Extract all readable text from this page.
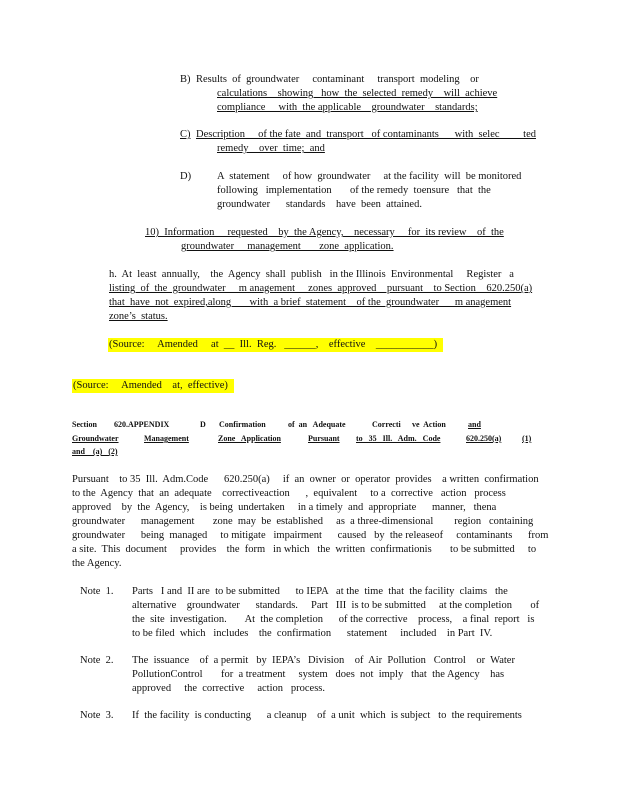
B) Results  of  groundwater     contaminant     transport  modeling    or
calculations    showing   how  the  selected  remedy    will  achieve
compliance     with  the applicable    groundwater    standards;
C) Description     of the fate  and  transport   of contaminants      with  selec         ted
remedy    over  time;  and
D) A  statement     of how  groundwater     at the facility  will  be monitored
following   implementation       of the remedy  toensure   that  the
groundwater      standards    have  been  attained.
10)  Information     requested    by  the Agency,    necessary     for  its review    of  the
groundwater     management       zone  application.
h.  At  least  annually,    the  Agency  shall  publish   in the Illinois  Environmental     Register   a
listing  of  the  groundwater     m anagement     zones  approved    pursuant    to Section    620.250(a)
that  have  not  expired,along       with  a brief  statement    of the  groundwater      m anagement
zone’s  status.
(Source:     Amended     at  __  Ill.  Reg.   ______,    effective    ___________)
(Source:     Amended    at,  effective)
Section 620.APPENDIX	D Confirmation	of  an   Adequate	Correcti ve  Action	and
Groundwater	Management	Zone   Application	Pursuant to   35   Ill.   Adm.   Code	620.250(a)	(1)
and    (a)   (2)
Pursuant    to 35  Ill.  Adm.Code      620.250(a)     if  an  owner  or  operator  provides    a written  confirmation
to the  Agency  that  an  adequate    correctiveaction      ,  equivalent     to a  corrective   action   process
approved    by  the  Agency,    is being  undertaken     in a timely  and  appropriate      manner,   thena
groundwater      management       zone  may  be  established     as  a three-dimensional        region   containing
groundwater      being  managed     to mitigate   impairment      caused   by  the releaseof     contaminants      from
a site.  This  document     provides    the  form   in which   the  written  confirmationis       to be submitted     to
the Agency.
Note  1. Parts   I and  II are  to be submitted      to IEPA   at the  time  that  the facility  claims   the
alternative    groundwater      standards.     Part   III  is to be submitted     at the completion       of
the  site  investigation.       At  the completion      of the corrective    process,    a final  report   is
to be filed  which   includes    the  confirmation      statement     included    in Part  IV.
Note  2. The  issuance    of  a permit   by  IEPA’s   Division    of  Air  Pollution   Control    or  Water
PollutionControl       for  a treatment     system   does  not  imply   that  the Agency    has
approved     the  corrective     action   process.
Note  3. If  the facility  is conducting      a cleanup    of  a unit  which  is subject   to  the requirements
